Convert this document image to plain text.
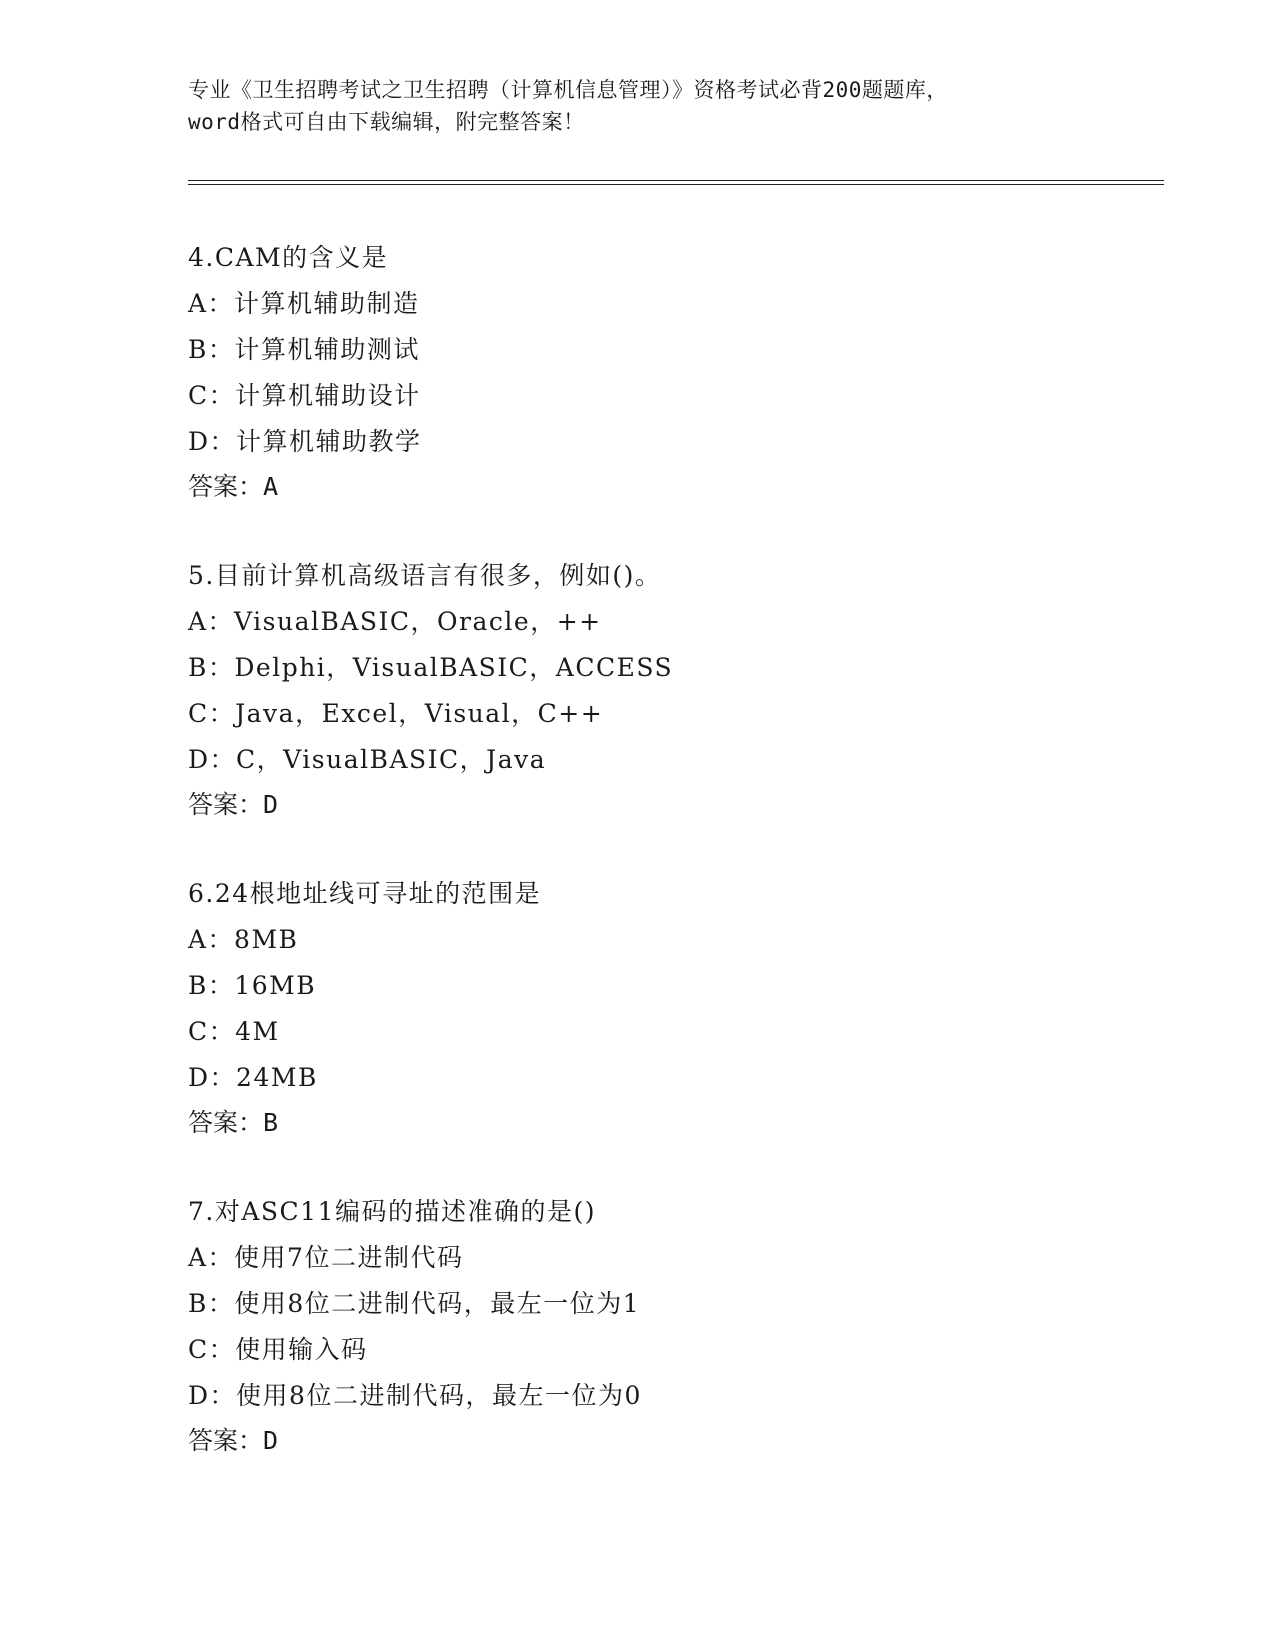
专业《卫生招聘考试之卫生招聘（计算机信息管理）》资格考试必背200题题库，
word格式可自由下载编辑，附完整答案！
4.CAM的含义是
A：计算机辅助制造
B：计算机辅助测试
C：计算机辅助设计
D：计算机辅助教学
答案：A
5.目前计算机高级语言有很多，例如()。
A：VisualBASIC，Oracle，++
B：Delphi，VisualBASIC，ACCESS
C：Java，Excel，Visual，C++
D：C，VisualBASIC，Java
答案：D
6.24根地址线可寻址的范围是
A：8MB
B：16MB
C：4M
D：24MB
答案：B
7.对ASC11编码的描述准确的是()
A：使用7位二进制代码
B：使用8位二进制代码，最左一位为1
C：使用输入码
D：使用8位二进制代码，最左一位为0
答案：D
